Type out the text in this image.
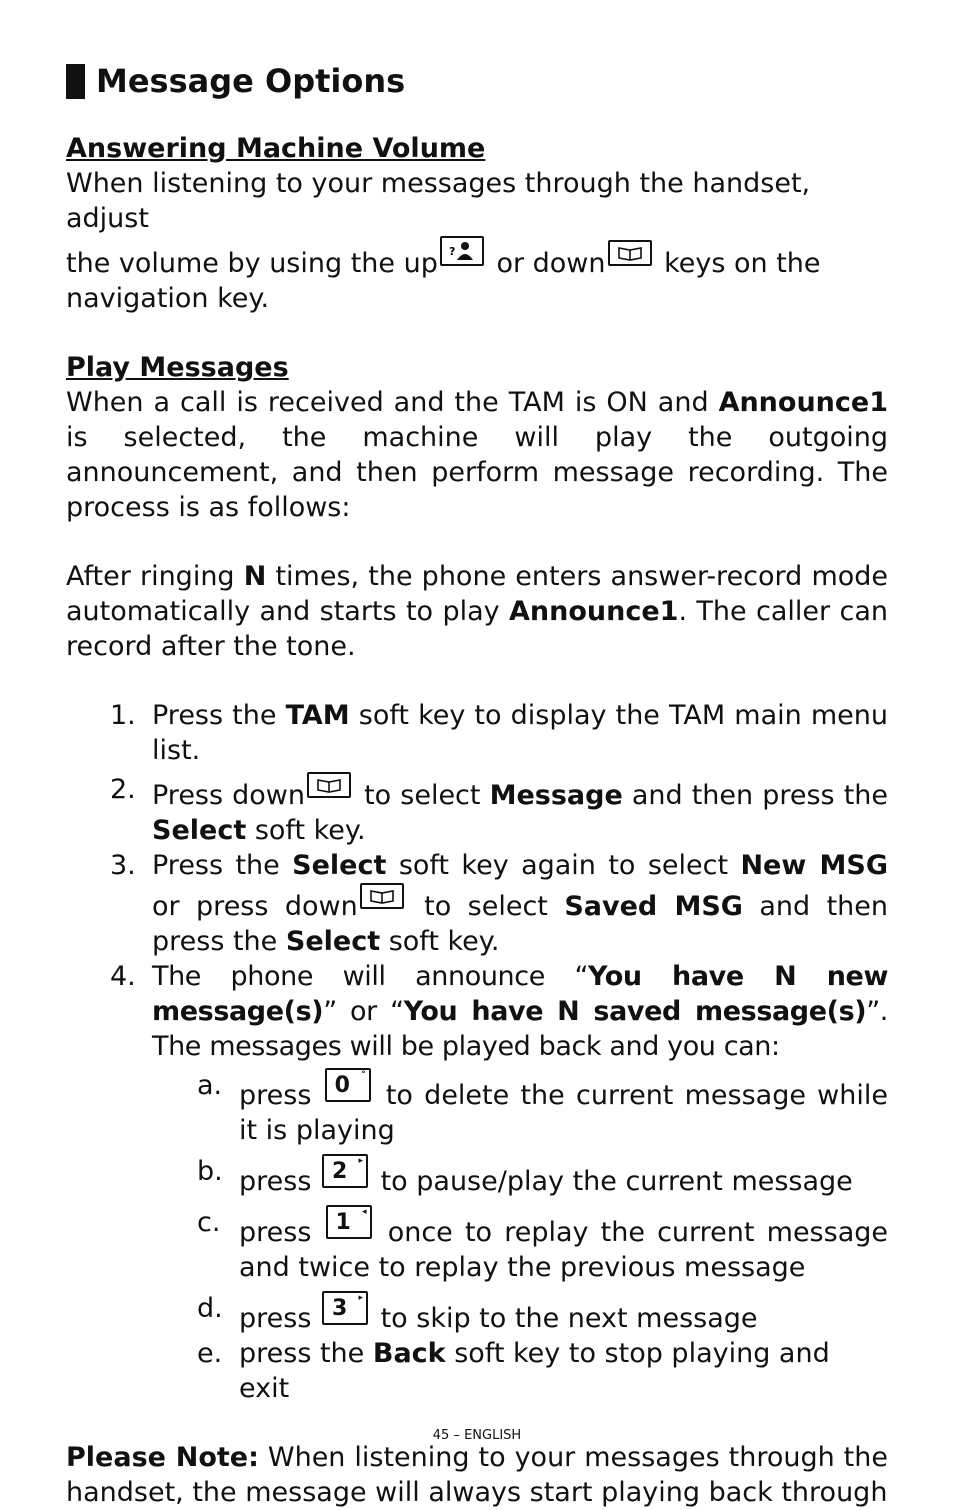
Message Options

Answering Machine Volume

When listening to your messages through the handset, adjust
the volume by using the up ? or down
keys on the
navigation key.

Play Messages

When a call is received and the TAM is ON and Announce1 is selected, the machine will play the outgoing announcement, and then perform message recording. The process is as follows:

After ringing N times, the phone enters answer-record mode automatically and starts to play Announce1. The caller can record after the tone.

1. Press the TAM soft key to display the TAM main menu list.
2. Press down
to select Message and then press the Select soft key.
3. Press the Select soft key again to select New MSG or press down
to select Saved MSG and then press the Select soft key.
4. The phone will announce “You have N new message(s)” or “You have N saved message(s)”. The messages will be played back and you can:
a. press 0 °
to delete the current message while it is playing
b. press 2 ▸
to pause/play the current message
c. press 1 ◂
once to replay the current message and twice to replay the previous message
d. press 3 ▸
to skip to the next message
e. press the Back soft key to stop playing and exit

Please Note: When listening to your messages through the handset, the message will always start playing back through

45 – ENGLISH
